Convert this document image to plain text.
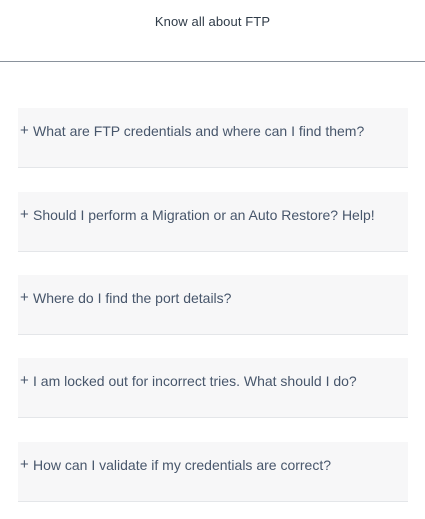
Know all about FTP
+ What are FTP credentials and where can I find them?
+ Should I perform a Migration or an Auto Restore? Help!
+ Where do I find the port details?
+ I am locked out for incorrect tries. What should I do?
+ How can I validate if my credentials are correct?
